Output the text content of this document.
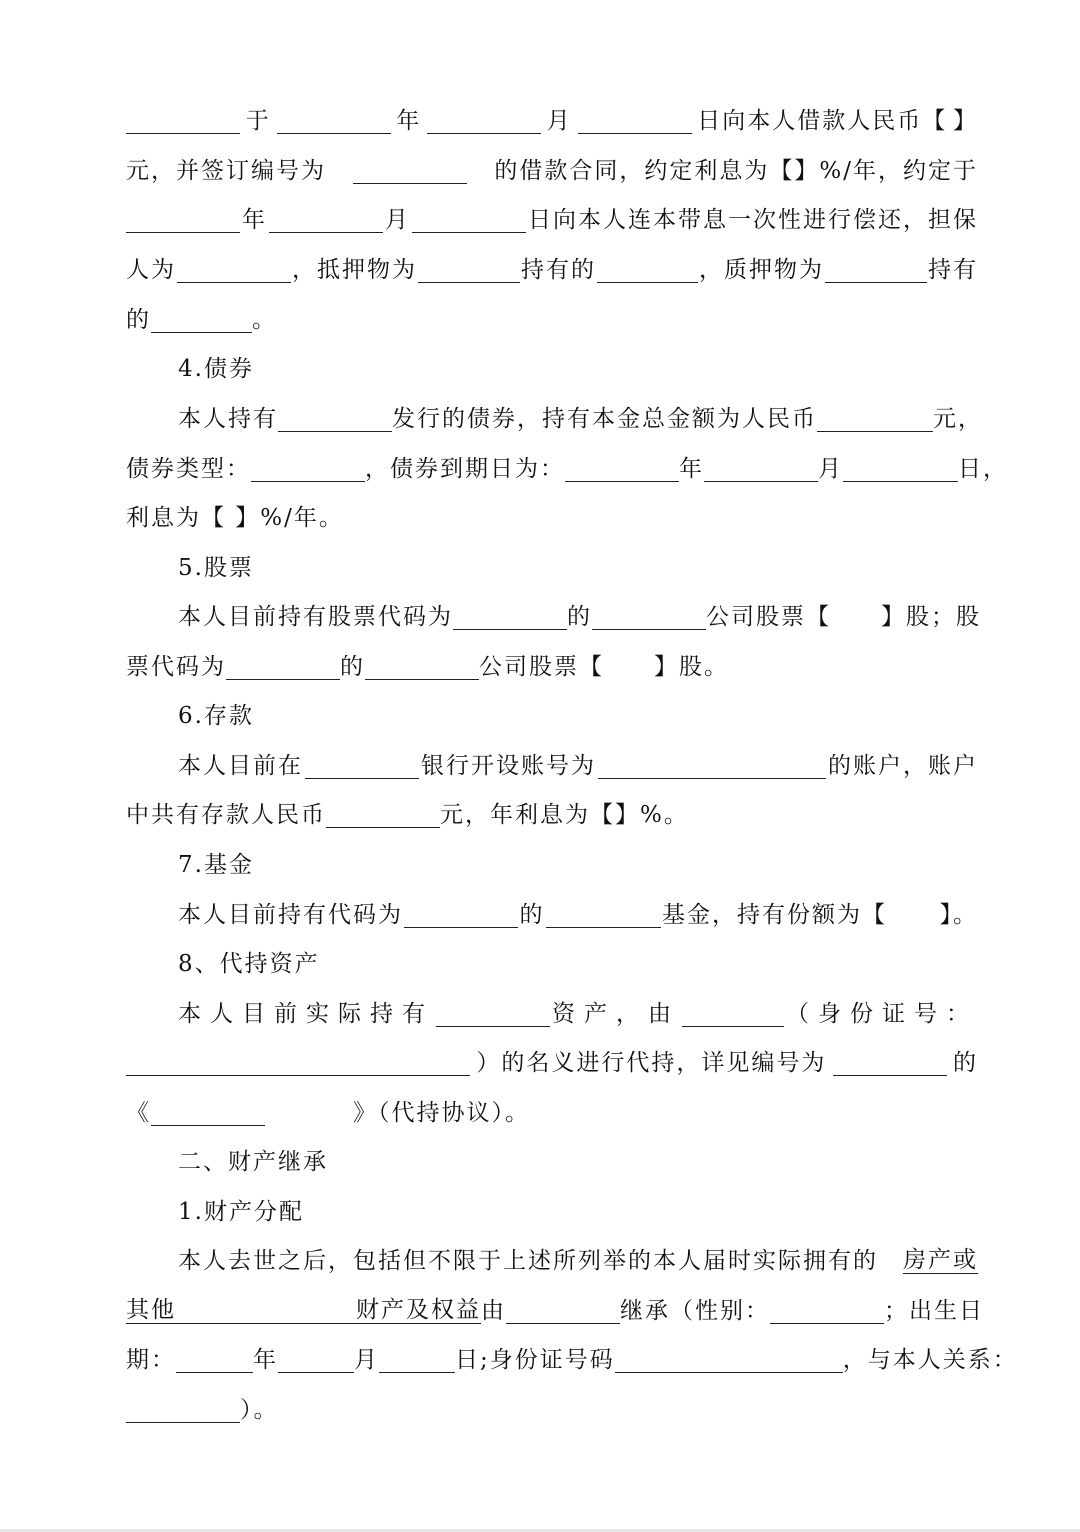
于	年	月	日向本人借款人民币【 】
元，并签订编号为	的借款合同，约定利息为【】%/年，约定于
年	月	日向本人连本带息一次性进行偿还，担保
人为	，抵押物为	持有的	，质押物为	持有
的	。
4.债券
本人持有	发行的债券，持有本金总金额为人民币	元，
债券类型：	，债券到期日为：	年	月	日，
利息为【 】%/年。
5.股票
本人目前持有股票代码为	的	公司股票【 】股；股
票代码为	的	公司股票【 】股。
6.存款
本人目前在	银行开设账号为	的账户，账户
中共有存款人民币	元，年利息为【】%。
7.基金
本人目前持有代码为	的	基金，持有份额为【 】。
8、代持资产
本人目前实际持有	资产，由	（身份证号：
）的名义进行代持，详见编号为	的
《	》（代持协议）。
二、财产继承
1.财产分配
本人去世之后，包括但不限于上述所列举的本人届时实际拥有的 房产或
其他	财产及权益 由	继承（性别：	；出生日
期：	年	月	日;身份证号码	，与本人关系：
）。
